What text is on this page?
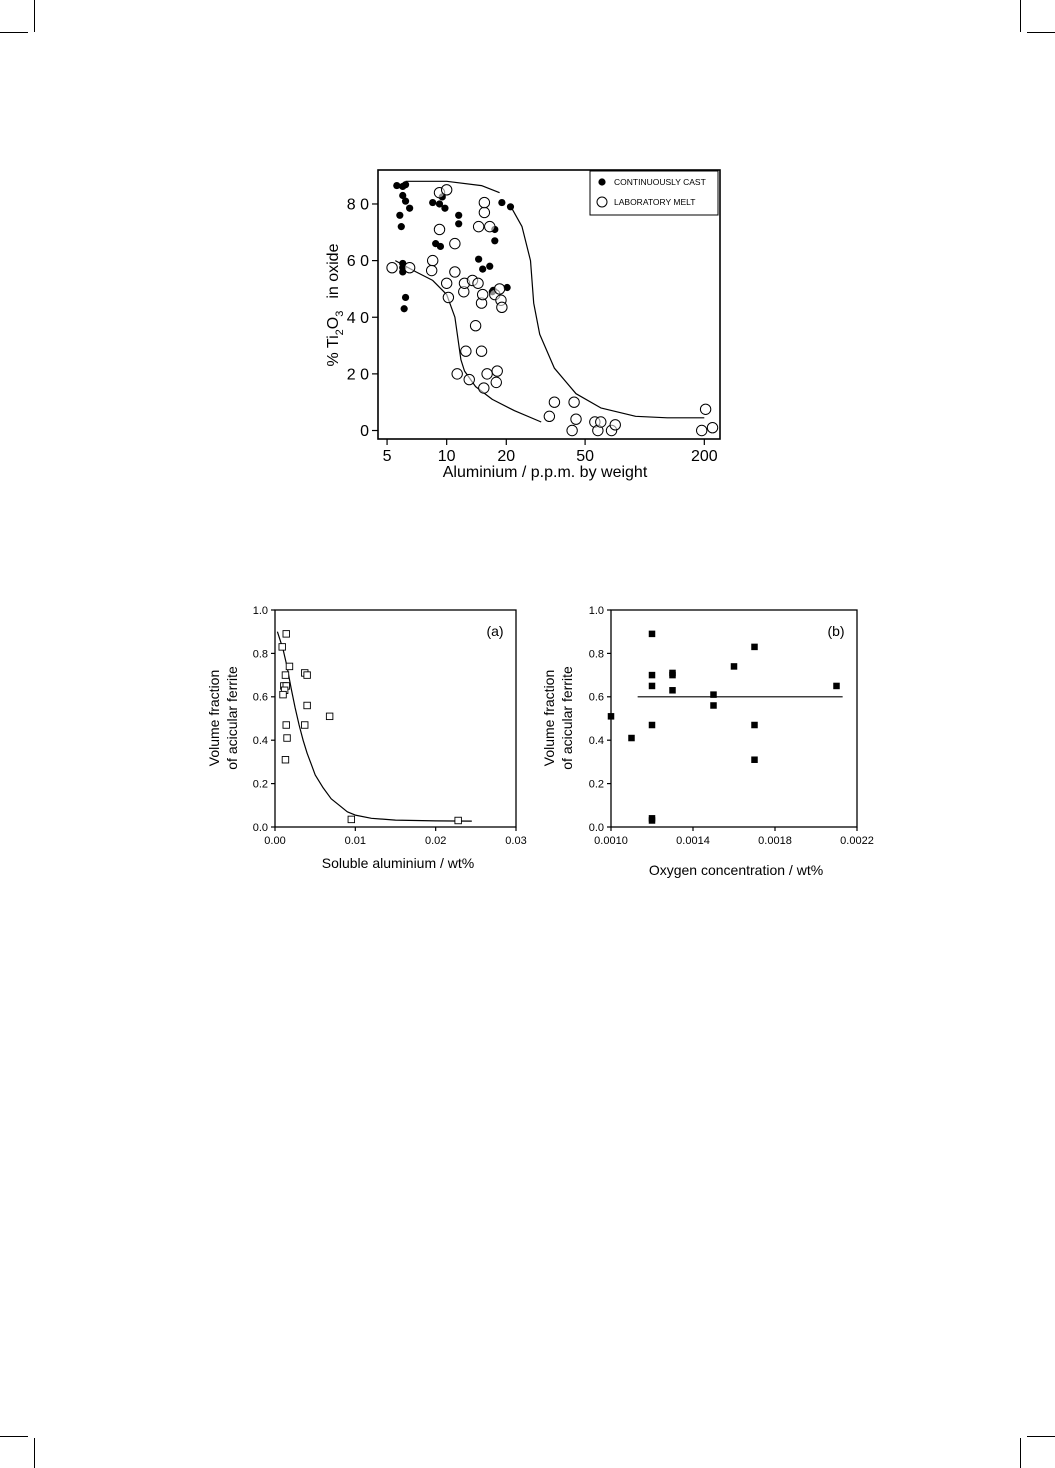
5	10	20	50	200
0
2 0
4 0
6 0
8 0
CONTINUOUSLY CAST
LABORATORY MELT
Aluminium / p.p.m. by weight
% $Ti_2O_3in$ oxide
0.00	0.01	0.02	0.03
0.0
0.2
0.4
0.6
0.8
1.0
(a)
Soluble aluminium / wt%
Volume fraction of acicular ferrite
0.0010	0.0014	0.0018	0.0022
0.0
0.2
0.4
0.6
0.8
1.0
(b)
Oxygen concentration / wt%
Volume fraction of acicular ferrite
